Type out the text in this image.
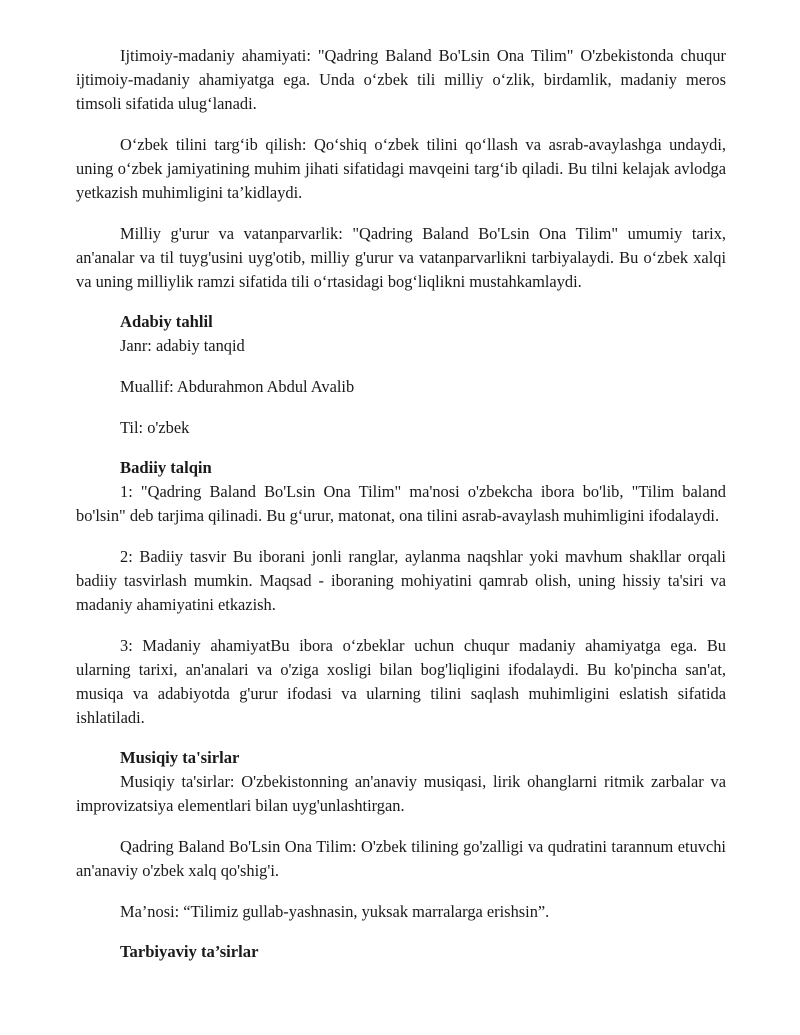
Ijtimoiy-madaniy ahamiyati: "Qadring Baland Bo'Lsin Ona Tilim" O'zbekistonda chuqur ijtimoiy-madaniy ahamiyatga ega. Unda o‘zbek tili milliy o‘zlik, birdamlik, madaniy meros timsoli sifatida ulug‘lanadi.

O‘zbek tilini targ‘ib qilish: Qo‘shiq o‘zbek tilini qo‘llash va asrab-avaylashga undaydi, uning o‘zbek jamiyatining muhim jihati sifatidagi mavqeini targ‘ib qiladi. Bu tilni kelajak avlodga yetkazish muhimligini ta’kidlaydi.

Milliy g'urur va vatanparvarlik: "Qadring Baland Bo'Lsin Ona Tilim" umumiy tarix, an'analar va til tuyg'usini uyg'otib, milliy g'urur va vatanparvarlikni tarbiyalaydi. Bu o‘zbek xalqi va uning milliylik ramzi sifatida tili o‘rtasidagi bog‘liqlikni mustahkamlaydi.

Adabiy tahlil

Janr: adabiy tanqid

Muallif: Abdurahmon Abdul Avalib

Til: o'zbek

Badiiy talqin

1: "Qadring Baland Bo'Lsin Ona Tilim" ma'nosi o'zbekcha ibora bo'lib, "Tilim baland bo'lsin" deb tarjima qilinadi. Bu g‘urur, matonat, ona tilini asrab-avaylash muhimligini ifodalaydi.

2: Badiiy tasvir Bu iborani jonli ranglar, aylanma naqshlar yoki mavhum shakllar orqali badiiy tasvirlash mumkin. Maqsad - iboraning mohiyatini qamrab olish, uning hissiy ta'siri va madaniy ahamiyatini etkazish.

3: Madaniy ahamiyatBu ibora o‘zbeklar uchun chuqur madaniy ahamiyatga ega. Bu ularning tarixi, an'analari va o'ziga xosligi bilan bog'liqligini ifodalaydi. Bu ko'pincha san'at, musiqa va adabiyotda g'urur ifodasi va ularning tilini saqlash muhimligini eslatish sifatida ishlatiladi.

Musiqiy ta'sirlar

Musiqiy ta'sirlar: O'zbekistonning an'anaviy musiqasi, lirik ohanglarni ritmik zarbalar va improvizatsiya elementlari bilan uyg'unlashtirgan.

Qadring Baland Bo'Lsin Ona Tilim: O'zbek tilining go'zalligi va qudratini tarannum etuvchi an'anaviy o'zbek xalq qo'shig'i.

Ma’nosi: “Tilimiz gullab-yashnasin, yuksak marralarga erishsin”.

Tarbiyaviy ta’sirlar
